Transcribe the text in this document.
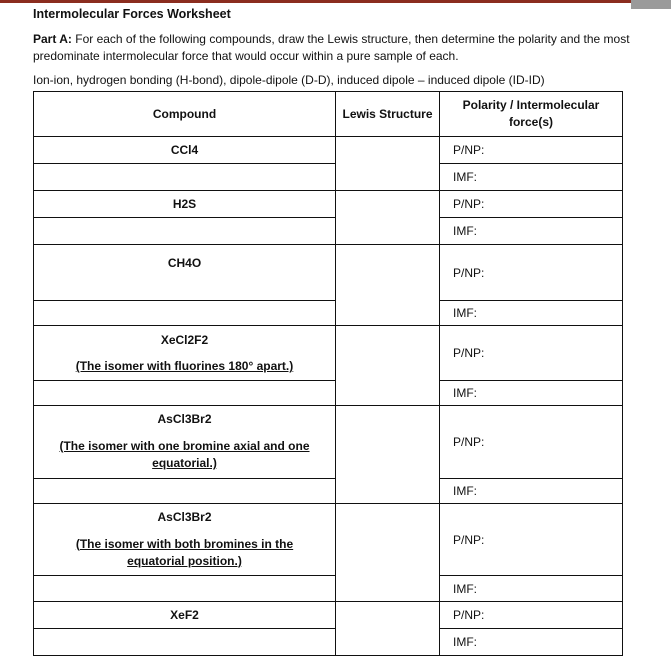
Intermolecular Forces Worksheet
Part A: For each of the following compounds, draw the Lewis structure, then determine the polarity and the most predominate intermolecular force that would occur within a pure sample of each.
Ion-ion, hydrogen bonding (H-bond), dipole-dipole (D-D), induced dipole – induced dipole (ID-ID)
Compound	Lewis Structure	Polarity / Intermolecular force(s)
CCl4		P/NP:
		IMF:
H2S		P/NP:
		IMF:

CH4O		P/NP:
		IMF:

XeCl2F2
(The isomer with fluorines 180° apart.)		P/NP:
		IMF:

AsCl3Br2
(The isomer with one bromine axial and one equatorial.)		P/NP:
		IMF:

AsCl3Br2
(The isomer with both bromines in the equatorial position.)		P/NP:
		IMF:
XeF2		P/NP:
		IMF:
